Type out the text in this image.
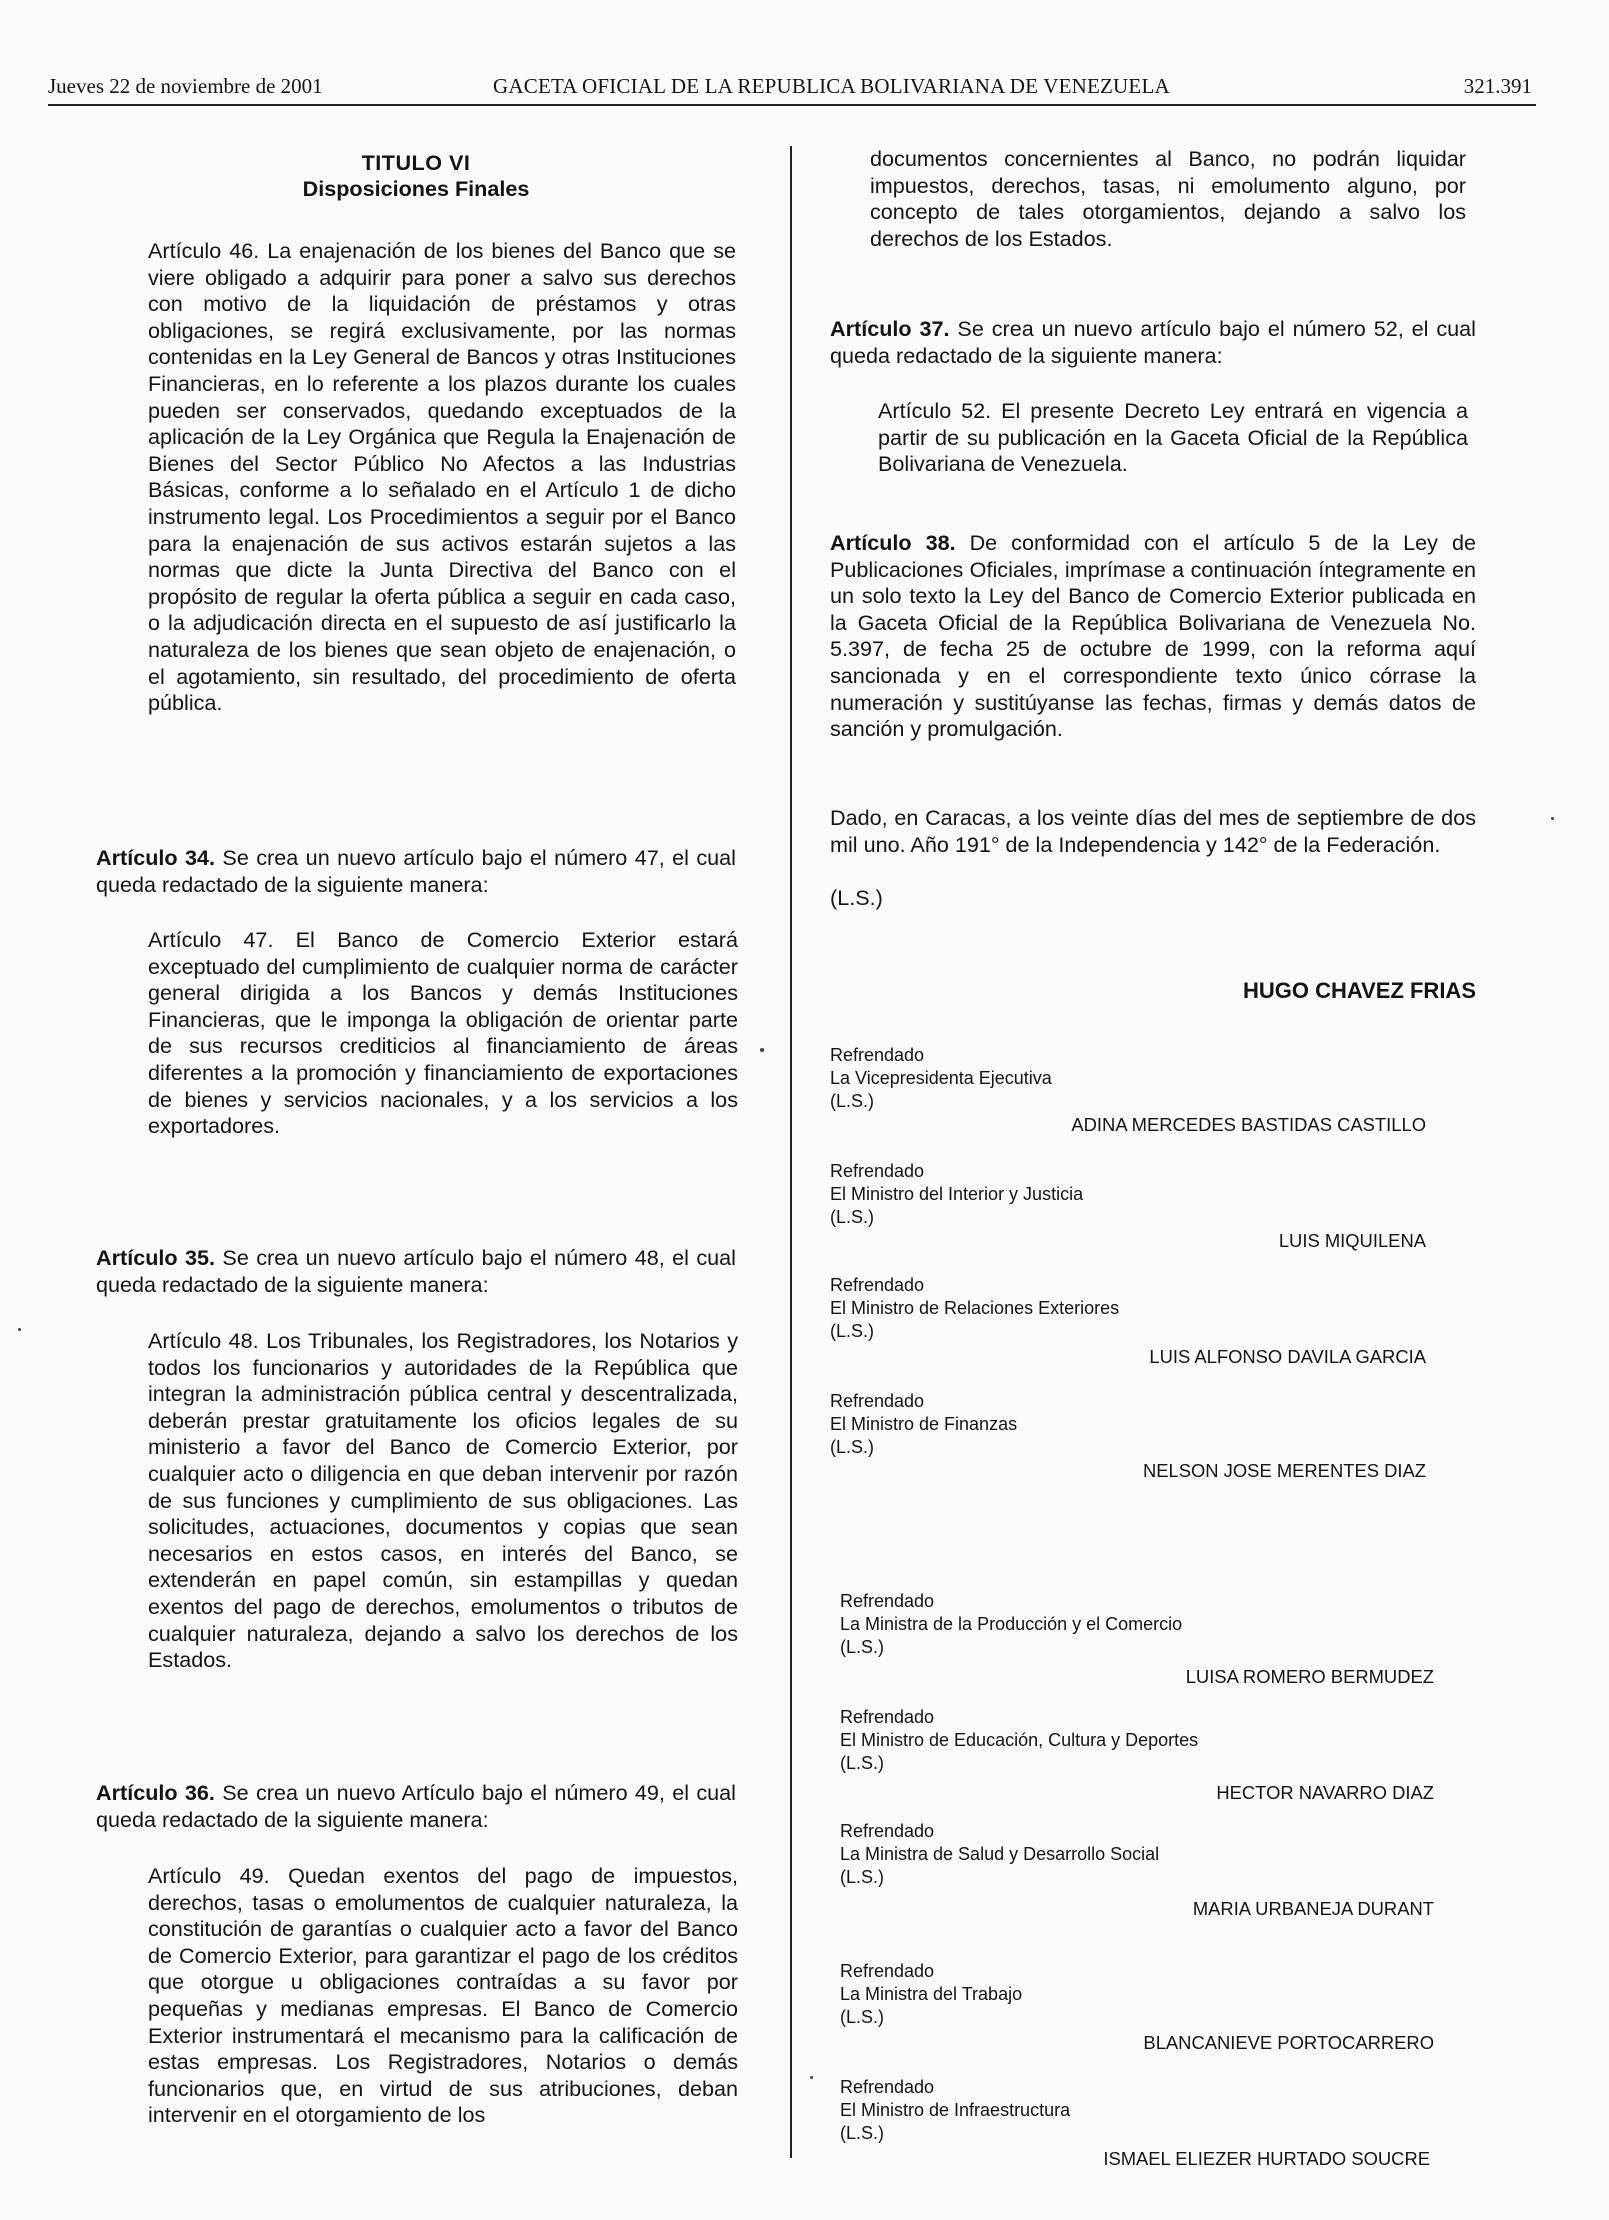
Jueves 22 de noviembre de 2001	GACETA OFICIAL DE LA REPUBLICA BOLIVARIANA DE VENEZUELA	321.391

TITULO VI

Disposiciones Finales

Artículo 46. La enajenación de los bienes del Banco que se viere obligado a adquirir para poner a salvo sus derechos con motivo de la liquidación de préstamos y otras obligaciones, se regirá exclusivamente, por las normas contenidas en la Ley General de Bancos y otras Instituciones Financieras, en lo referente a los plazos durante los cuales pueden ser conservados, quedando exceptuados de la aplicación de la Ley Orgánica que Regula la Enajenación de Bienes del Sector Público No Afectos a las Industrias Básicas, conforme a lo señalado en el Artículo 1 de dicho instrumento legal. Los Procedimientos a seguir por el Banco para la enajenación de sus activos estarán sujetos a las normas que dicte la Junta Directiva del Banco con el propósito de regular la oferta pública a seguir en cada caso, o la adjudicación directa en el supuesto de así justificarlo la naturaleza de los bienes que sean objeto de enajenación, o el agotamiento, sin resultado, del procedimiento de oferta pública.

Artículo 34. Se crea un nuevo artículo bajo el número 47, el cual queda redactado de la siguiente manera:

Artículo 47. El Banco de Comercio Exterior estará exceptuado del cumplimiento de cualquier norma de carácter general dirigida a los Bancos y demás Instituciones Financieras, que le imponga la obligación de orientar parte de sus recursos crediticios al financiamiento de áreas diferentes a la promoción y financiamiento de exportaciones de bienes y servicios nacionales, y a los servicios a los exportadores.

Artículo 35. Se crea un nuevo artículo bajo el número 48, el cual queda redactado de la siguiente manera:

Artículo 48. Los Tribunales, los Registradores, los Notarios y todos los funcionarios y autoridades de la República que integran la administración pública central y descentralizada, deberán prestar gratuitamente los oficios legales de su ministerio a favor del Banco de Comercio Exterior, por cualquier acto o diligencia en que deban intervenir por razón de sus funciones y cumplimiento de sus obligaciones. Las solicitudes, actuaciones, documentos y copias que sean necesarios en estos casos, en interés del Banco, se extenderán en papel común, sin estampillas y quedan exentos del pago de derechos, emolumentos o tributos de cualquier naturaleza, dejando a salvo los derechos de los Estados.

Artículo 36. Se crea un nuevo Artículo bajo el número 49, el cual queda redactado de la siguiente manera:

Artículo 49. Quedan exentos del pago de impuestos, derechos, tasas o emolumentos de cualquier naturaleza, la constitución de garantías o cualquier acto a favor del Banco de Comercio Exterior, para garantizar el pago de los créditos que otorgue u obligaciones contraídas a su favor por pequeñas y medianas empresas. El Banco de Comercio Exterior instrumentará el mecanismo para la calificación de estas empresas. Los Registradores, Notarios o demás funcionarios que, en virtud de sus atribuciones, deban intervenir en el otorgamiento de los

documentos concernientes al Banco, no podrán liquidar impuestos, derechos, tasas, ni emolumento alguno, por concepto de tales otorgamientos, dejando a salvo los derechos de los Estados.

Artículo 37. Se crea un nuevo artículo bajo el número 52, el cual queda redactado de la siguiente manera:

Artículo 52. El presente Decreto Ley entrará en vigencia a partir de su publicación en la Gaceta Oficial de la República Bolivariana de Venezuela.

Artículo 38. De conformidad con el artículo 5 de la Ley de Publicaciones Oficiales, imprímase a continuación íntegramente en un solo texto la Ley del Banco de Comercio Exterior publicada en la Gaceta Oficial de la República Bolivariana de Venezuela No. 5.397, de fecha 25 de octubre de 1999, con la reforma aquí sancionada y en el correspondiente texto único córrase la numeración y sustitúyanse las fechas, firmas y demás datos de sanción y promulgación.

Dado, en Caracas, a los veinte días del mes de septiembre de dos mil uno. Año 191° de la Independencia y 142° de la Federación.

(L.S.)

HUGO CHAVEZ FRIAS

Refrendado
La Vicepresidenta Ejecutiva
(L.S.)

ADINA MERCEDES BASTIDAS CASTILLO

Refrendado
El Ministro del Interior y Justicia
(L.S.)

LUIS MIQUILENA

Refrendado
El Ministro de Relaciones Exteriores
(L.S.)

LUIS ALFONSO DAVILA GARCIA

Refrendado
El Ministro de Finanzas
(L.S.)

NELSON JOSE MERENTES DIAZ

Refrendado
La Ministra de la Producción y el Comercio
(L.S.)

LUISA ROMERO BERMUDEZ

Refrendado
El Ministro de Educación, Cultura y Deportes
(L.S.)

HECTOR NAVARRO DIAZ

Refrendado
La Ministra de Salud y Desarrollo Social
(L.S.)

MARIA URBANEJA DURANT

Refrendado
La Ministra del Trabajo
(L.S.)

BLANCANIEVE PORTOCARRERO

Refrendado
El Ministro de Infraestructura
(L.S.)

ISMAEL ELIEZER HURTADO SOUCRE
